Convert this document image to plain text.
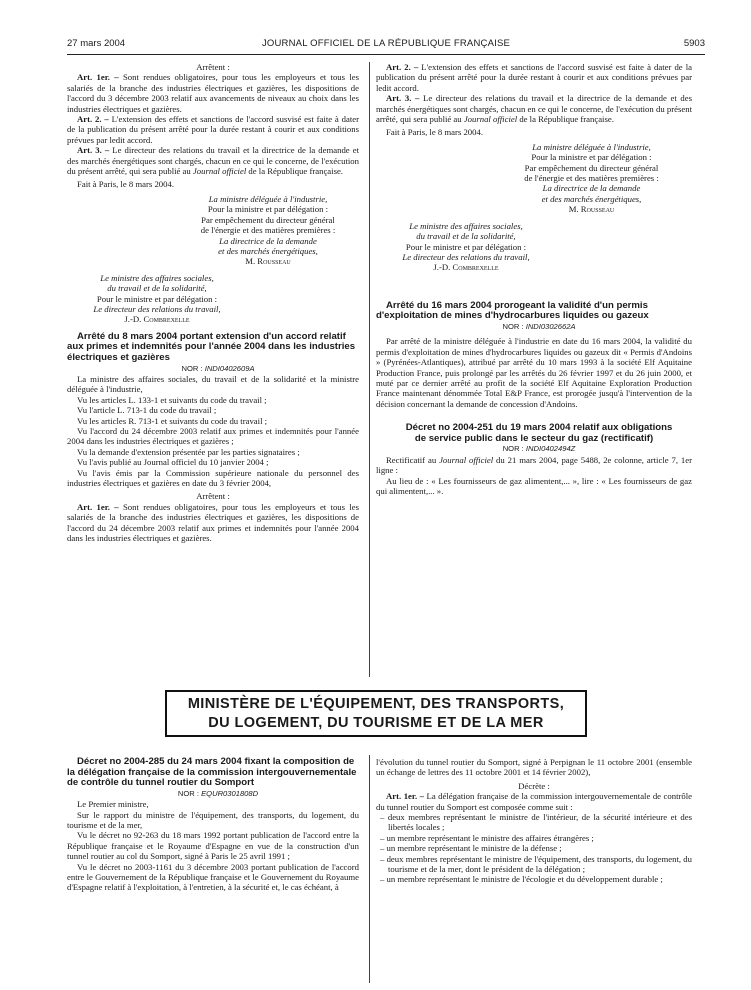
27 mars 2004	JOURNAL OFFICIEL DE LA RÉPUBLIQUE FRANÇAISE	5903

Arrêtent :

Art. 1er. – Sont rendues obligatoires, pour tous les employeurs et tous les salariés de la branche des industries électriques et gazières, les dispositions de l'accord du 3 décembre 2003 relatif aux avancements de niveaux au choix dans les industries électriques et gazières.

Art. 2. – L'extension des effets et sanctions de l'accord susvisé est faite à dater de la publication du présent arrêté pour la durée restant à courir et aux conditions prévues par ledit accord.

Art. 3. – Le directeur des relations du travail et la directrice de la demande et des marchés énergétiques sont chargés, chacun en ce qui le concerne, de l'exécution du présent arrêté, qui sera publié au Journal officiel de la République française.

Fait à Paris, le 8 mars 2004.

La ministre déléguée à l'industrie,

Pour la ministre et par délégation :

Par empêchement du directeur général

de l'énergie et des matières premières :

La directrice de la demande

et des marchés énergétiques,

M. Rousseau

Le ministre des affaires sociales,

du travail et de la solidarité,

Pour le ministre et par délégation :

Le directeur des relations du travail,

J.-D. Combrexelle

Arrêté du 8 mars 2004 portant extension d'un accord relatif aux primes et indemnités pour l'année 2004 dans les industries électriques et gazières

NOR : INDI0402609A

La ministre des affaires sociales, du travail et de la solidarité et la ministre déléguée à l'industrie,

Vu les articles L. 133-1 et suivants du code du travail ;

Vu l'article L. 713-1 du code du travail ;

Vu les articles R. 713-1 et suivants du code du travail ;

Vu l'accord du 24 décembre 2003 relatif aux primes et indemnités pour l'année 2004 dans les industries électriques et gazières ;

Vu la demande d'extension présentée par les parties signataires ;

Vu l'avis publié au Journal officiel du 10 janvier 2004 ;

Vu l'avis émis par la Commission supérieure nationale du personnel des industries électriques et gazières en date du 3 février 2004,

Arrêtent :

Art. 1er. – Sont rendues obligatoires, pour tous les employeurs et tous les salariés de la branche des industries électriques et gazières, les dispositions de l'accord du 24 décembre 2003 relatif aux primes et indemnités pour l'année 2004 dans les industries électriques et gazières.

Art. 2. – L'extension des effets et sanctions de l'accord susvisé est faite à dater de la publication du présent arrêté pour la durée restant à courir et aux conditions prévues par ledit accord.

Art. 3. – Le directeur des relations du travail et la directrice de la demande et des marchés énergétiques sont chargés, chacun en ce qui le concerne, de l'exécution du présent arrêté, qui sera publié au Journal officiel de la République française.

Fait à Paris, le 8 mars 2004.

La ministre déléguée à l'industrie,

Pour la ministre et par délégation :

Par empêchement du directeur général

de l'énergie et des matières premières :

La directrice de la demande

et des marchés énergétiques,

M. Rousseau

Le ministre des affaires sociales,

du travail et de la solidarité,

Pour le ministre et par délégation :

Le directeur des relations du travail,

J.-D. Combrexelle

Arrêté du 16 mars 2004 prorogeant la validité d'un permis d'exploitation de mines d'hydrocarbures liquides ou gazeux

NOR : INDI0302662A

Par arrêté de la ministre déléguée à l'industrie en date du 16 mars 2004, la validité du permis d'exploitation de mines d'hydrocarbures liquides ou gazeux dit « Permis d'Andoins » (Pyrénées-Atlantiques), attribué par arrêté du 10 mars 1993 à la société Elf Aquitaine Production France, puis prolongé par les arrêtés du 26 février 1997 et du 26 juin 2000, et muté par ce dernier arrêté au profit de la société Elf Aquitaine Exploration Production France maintenant dénommée Total E&P France, est prorogée jusqu'à l'intervention de la décision concernant la demande de concession d'Andoins.

Décret no 2004-251 du 19 mars 2004 relatif aux obligations de service public dans le secteur du gaz (rectificatif)

NOR : INDI0402494Z

Rectificatif au Journal officiel du 21 mars 2004, page 5488, 2e colonne, article 7, 1er ligne :

Au lieu de : « Les fournisseurs de gaz alimentent,... », lire : « Les fournisseurs de gaz qui alimentent,... ».

MINISTÈRE DE L'ÉQUIPEMENT, DES TRANSPORTS,
DU LOGEMENT, DU TOURISME ET DE LA MER

Décret no 2004-285 du 24 mars 2004 fixant la composition de la délégation française de la commission intergouvernementale de contrôle du tunnel routier du Somport

NOR : EQUR0301808D

Le Premier ministre,

Sur le rapport du ministre de l'équipement, des transports, du logement, du tourisme et de la mer,

Vu le décret no 92-263 du 18 mars 1992 portant publication de l'accord entre la République française et le Royaume d'Espagne en vue de la construction d'un tunnel routier au col du Somport, signé à Paris le 25 avril 1991 ;

Vu le décret no 2003-1161 du 3 décembre 2003 portant publication de l'accord entre le Gouvernement de la République française et le Gouvernement du Royaume d'Espagne relatif à l'exploitation, à l'entretien, à la sécurité et, le cas échéant, à

l'évolution du tunnel routier du Somport, signé à Perpignan le 11 octobre 2001 (ensemble un échange de lettres des 11 octobre 2001 et 14 février 2002),

Décrète :

Art. 1er. – La délégation française de la commission intergouvernementale de contrôle du tunnel routier du Somport est composée comme suit :

– deux membres représentant le ministre de l'intérieur, de la sécurité intérieure et des libertés locales ;
– un membre représentant le ministre des affaires étrangères ;
– un membre représentant le ministre de la défense ;
– deux membres représentant le ministre de l'équipement, des transports, du logement, du tourisme et de la mer, dont le président de la délégation ;
– un membre représentant le ministre de l'écologie et du développement durable ;
